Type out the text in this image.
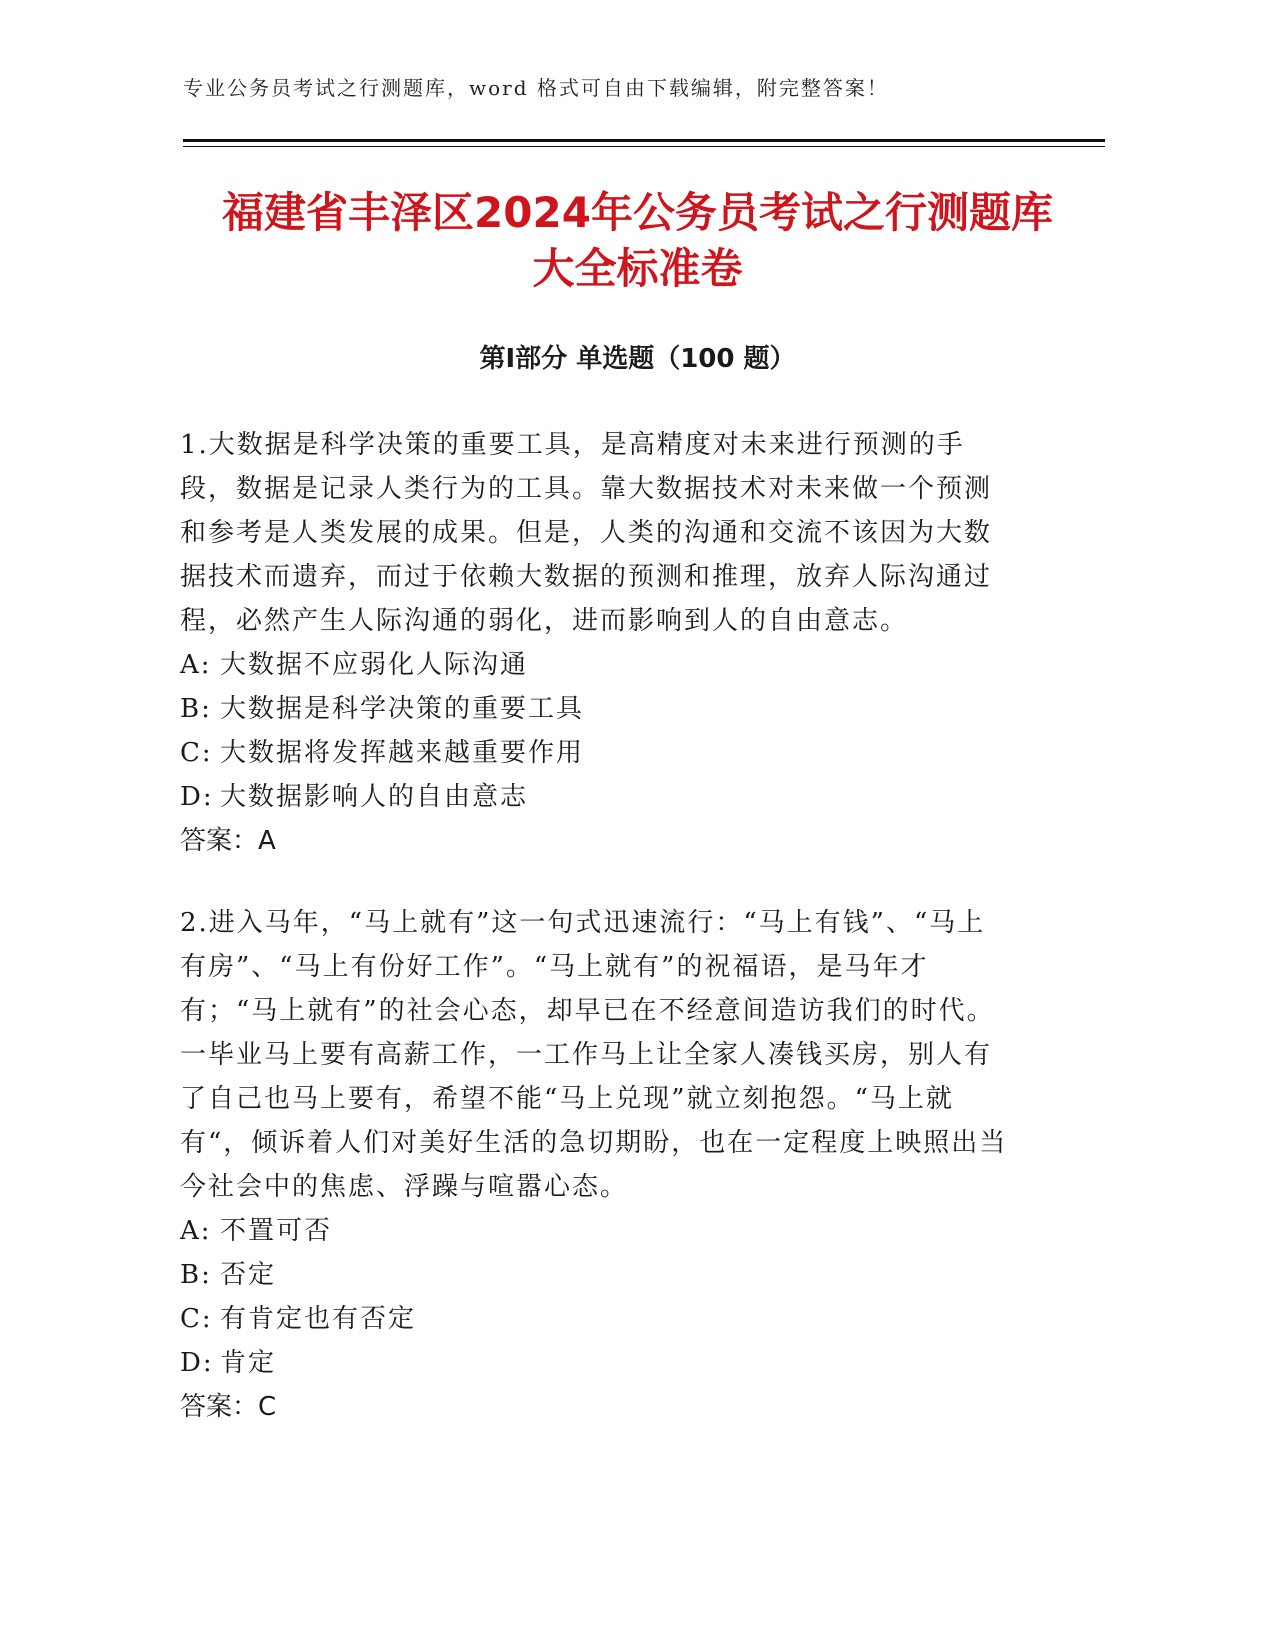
专业公务员考试之行测题库，word 格式可自由下载编辑，附完整答案！
福建省丰泽区2024年公务员考试之行测题库
大全标准卷
第Ⅰ部分 单选题（100 题）

1.大数据是科学决策的重要工具，是高精度对未来进行预测的手段，数据是记录人类行为的工具。靠大数据技术对未来做一个预测和参考是人类发展的成果。但是，人类的沟通和交流不该因为大数据技术而遗弃，而过于依赖大数据的预测和推理，放弃人际沟通过程，必然产生人际沟通的弱化，进而影响到人的自由意志。

A: 大数据不应弱化人际沟通

B: 大数据是科学决策的重要工具

C: 大数据将发挥越来越重要作用

D: 大数据影响人的自由意志

答案：A

2.进入马年，“马上就有”这一句式迅速流行：“马上有钱”、“马上有房”、“马上有份好工作”。“马上就有”的祝福语，是马年才有；“马上就有”的社会心态，却早已在不经意间造访我们的时代。一毕业马上要有高薪工作，一工作马上让全家人凑钱买房，别人有了自己也马上要有，希望不能“马上兑现”就立刻抱怨。“马上就有“，倾诉着人们对美好生活的急切期盼，也在一定程度上映照出当今社会中的焦虑、浮躁与喧嚣心态。

A: 不置可否

B: 否定

C: 有肯定也有否定

D: 肯定

答案：C
